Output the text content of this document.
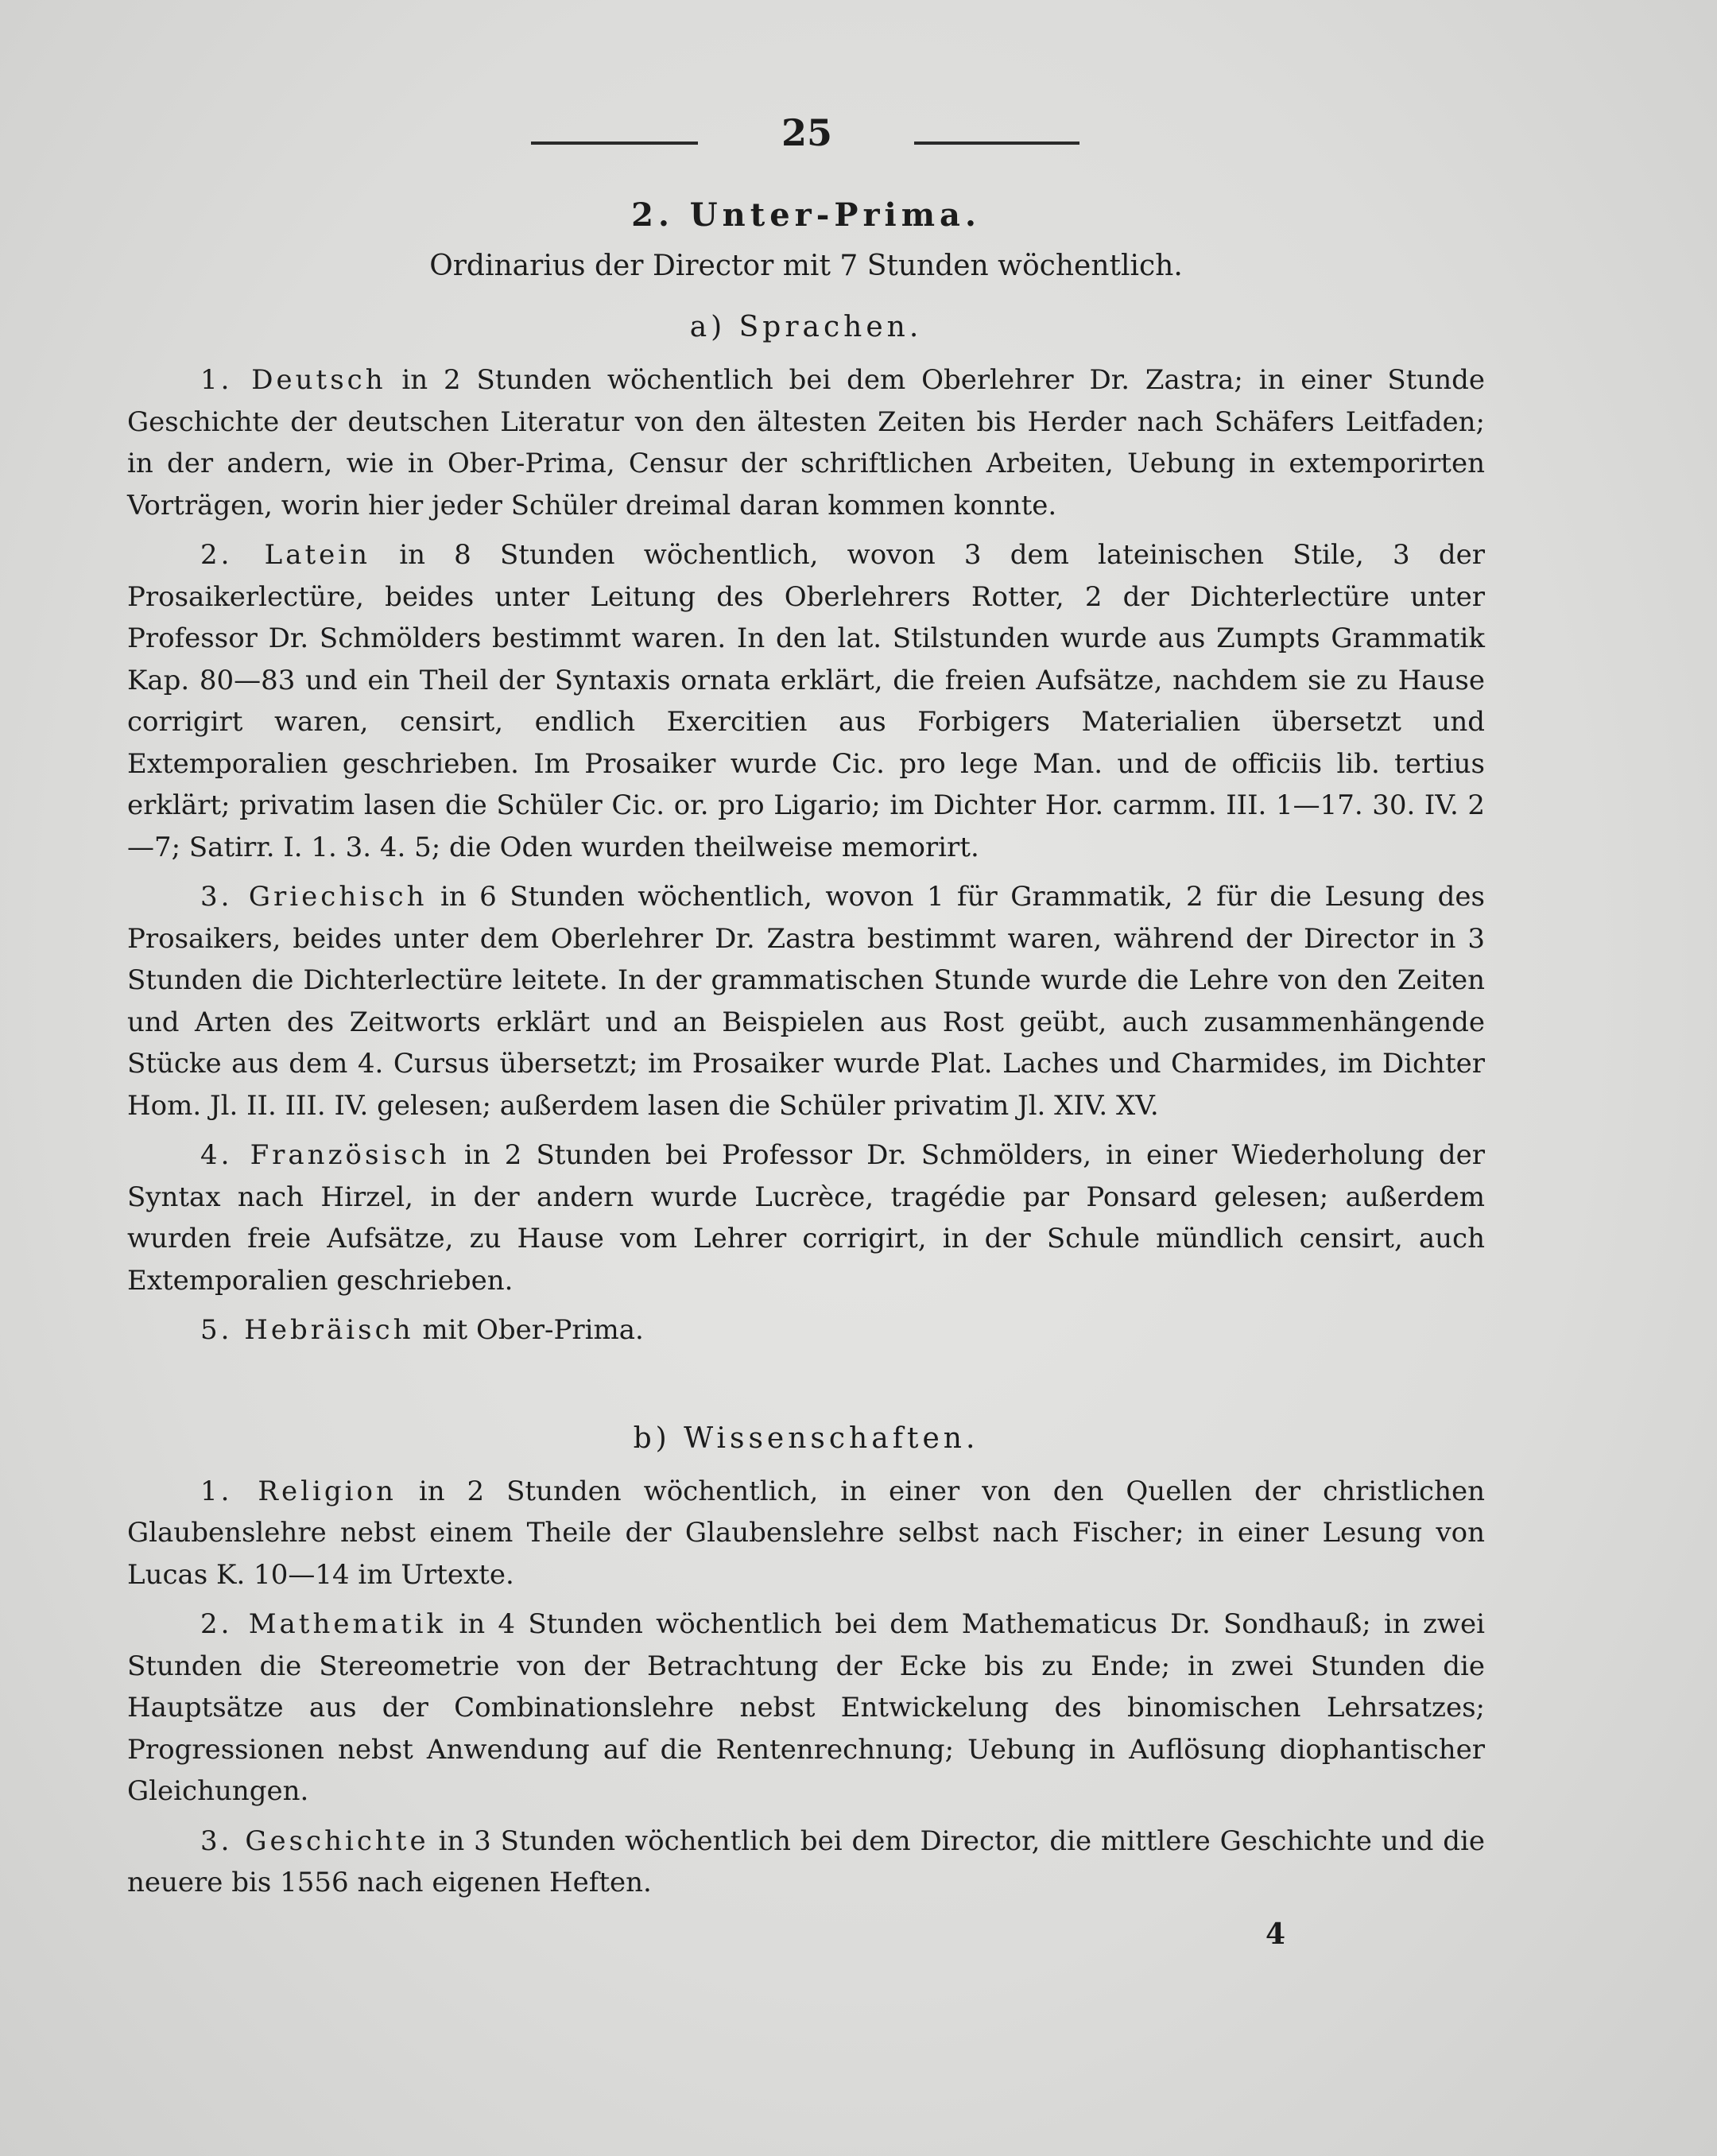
25

2. Unter-Prima.

Ordinarius der Director mit 7 Stunden wöchentlich.

a) Sprachen.

1. Deutsch in 2 Stunden wöchentlich bei dem Oberlehrer Dr. Zastra; in einer Stunde Geschichte der deutschen Literatur von den ältesten Zeiten bis Herder nach Schäfers Leitfaden; in der andern, wie in Ober-Prima, Censur der schriftlichen Arbeiten, Uebung in extemporirten Vorträgen, worin hier jeder Schüler dreimal daran kommen konnte.

2. Latein in 8 Stunden wöchentlich, wovon 3 dem lateinischen Stile, 3 der Prosaikerlectüre, beides unter Leitung des Oberlehrers Rotter, 2 der Dichterlectüre unter Professor Dr. Schmölders bestimmt waren. In den lat. Stilstunden wurde aus Zumpts Grammatik Kap. 80—83 und ein Theil der Syntaxis ornata erklärt, die freien Aufsätze, nachdem sie zu Hause corrigirt waren, censirt, endlich Exercitien aus Forbigers Materialien übersetzt und Extemporalien geschrieben. Im Prosaiker wurde Cic. pro lege Man. und de officiis lib. tertius erklärt; privatim lasen die Schüler Cic. or. pro Ligario; im Dichter Hor. carmm. III. 1—17. 30. IV. 2—7; Satirr. I. 1. 3. 4. 5; die Oden wurden theilweise memorirt.

3. Griechisch in 6 Stunden wöchentlich, wovon 1 für Grammatik, 2 für die Lesung des Prosaikers, beides unter dem Oberlehrer Dr. Zastra bestimmt waren, während der Director in 3 Stunden die Dichterlectüre leitete. In der grammatischen Stunde wurde die Lehre von den Zeiten und Arten des Zeitworts erklärt und an Beispielen aus Rost geübt, auch zusammenhängende Stücke aus dem 4. Cursus übersetzt; im Prosaiker wurde Plat. Laches und Charmides, im Dichter Hom. Jl. II. III. IV. gelesen; außerdem lasen die Schüler privatim Jl. XIV. XV.

4. Französisch in 2 Stunden bei Professor Dr. Schmölders, in einer Wiederholung der Syntax nach Hirzel, in der andern wurde Lucrèce, tragédie par Ponsard gelesen; außerdem wurden freie Aufsätze, zu Hause vom Lehrer corrigirt, in der Schule mündlich censirt, auch Extemporalien geschrieben.

5. Hebräisch mit Ober-Prima.

b) Wissenschaften.

1. Religion in 2 Stunden wöchentlich, in einer von den Quellen der christlichen Glaubenslehre nebst einem Theile der Glaubenslehre selbst nach Fischer; in einer Lesung von Lucas K. 10—14 im Urtexte.

2. Mathematik in 4 Stunden wöchentlich bei dem Mathematicus Dr. Sondhauß; in zwei Stunden die Stereometrie von der Betrachtung der Ecke bis zu Ende; in zwei Stunden die Hauptsätze aus der Combinationslehre nebst Entwickelung des binomischen Lehrsatzes; Progressionen nebst Anwendung auf die Rentenrechnung; Uebung in Auflösung diophantischer Gleichungen.

3. Geschichte in 3 Stunden wöchentlich bei dem Director, die mittlere Geschichte und die neuere bis 1556 nach eigenen Heften.

4
